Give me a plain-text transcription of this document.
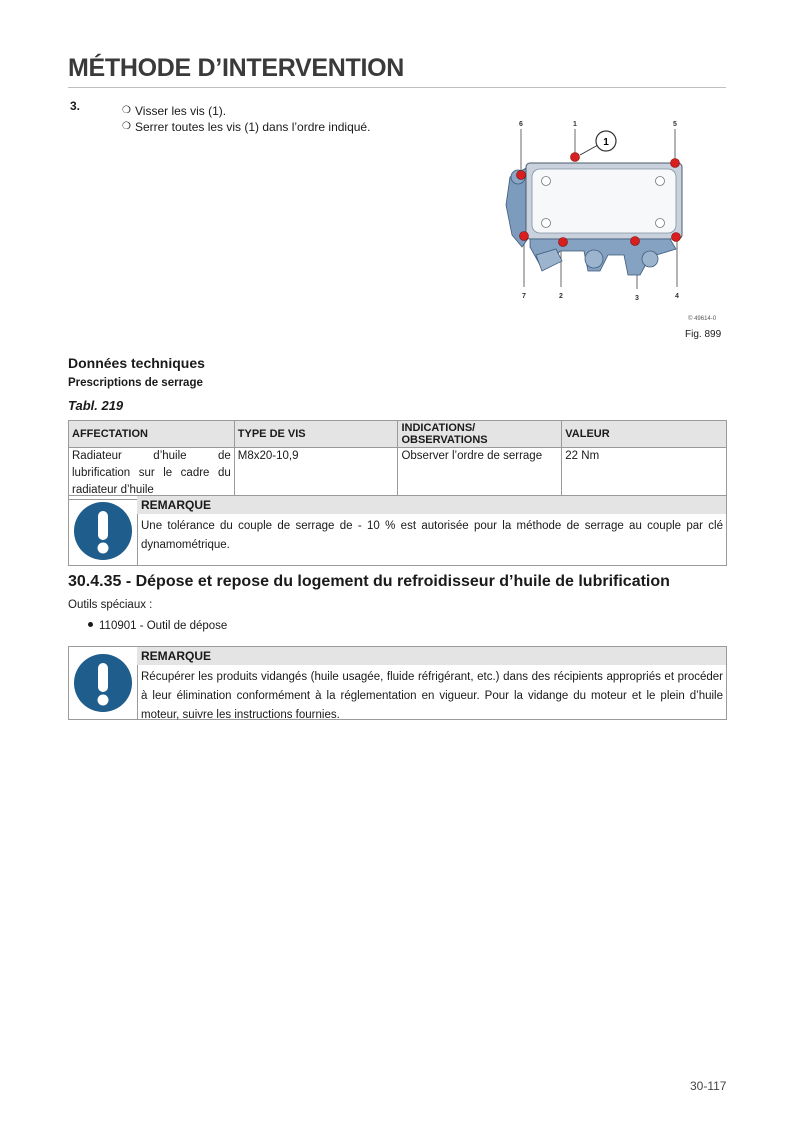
MÉTHODE D’INTERVENTION
3.	❍ Visser les vis (1).
❍ Serrer toutes les vis (1) dans l’ordre indiqué.
1
6	1	5
7	2	3	4
© 49614-0
Fig. 899
Données techniques
Prescriptions de serrage
Tabl. 219
AFFECTATION	TYPE DE VIS	INDICATIONS/ OBSERVATIONS	VALEUR
Radiateur d’huile de lubrification sur le cadre du radiateur d’huile	M8x20-10,9	Observer l’ordre de serrage	22 Nm
REMARQUE
Une tolérance du couple de serrage de - 10 % est autorisée pour la méthode de serrage au couple par clé dynamométrique.
30.4.35 - Dépose et repose du logement du refroidisseur d’huile de lubrification
Outils spéciaux :
110901 - Outil de dépose
REMARQUE
Récupérer les produits vidangés (huile usagée, fluide réfrigérant, etc.) dans des récipients appropriés et procéder à leur élimination conformément à la réglementation en vigueur. Pour la vidange du moteur et le plein d’huile moteur, suivre les instructions fournies.
30-117
